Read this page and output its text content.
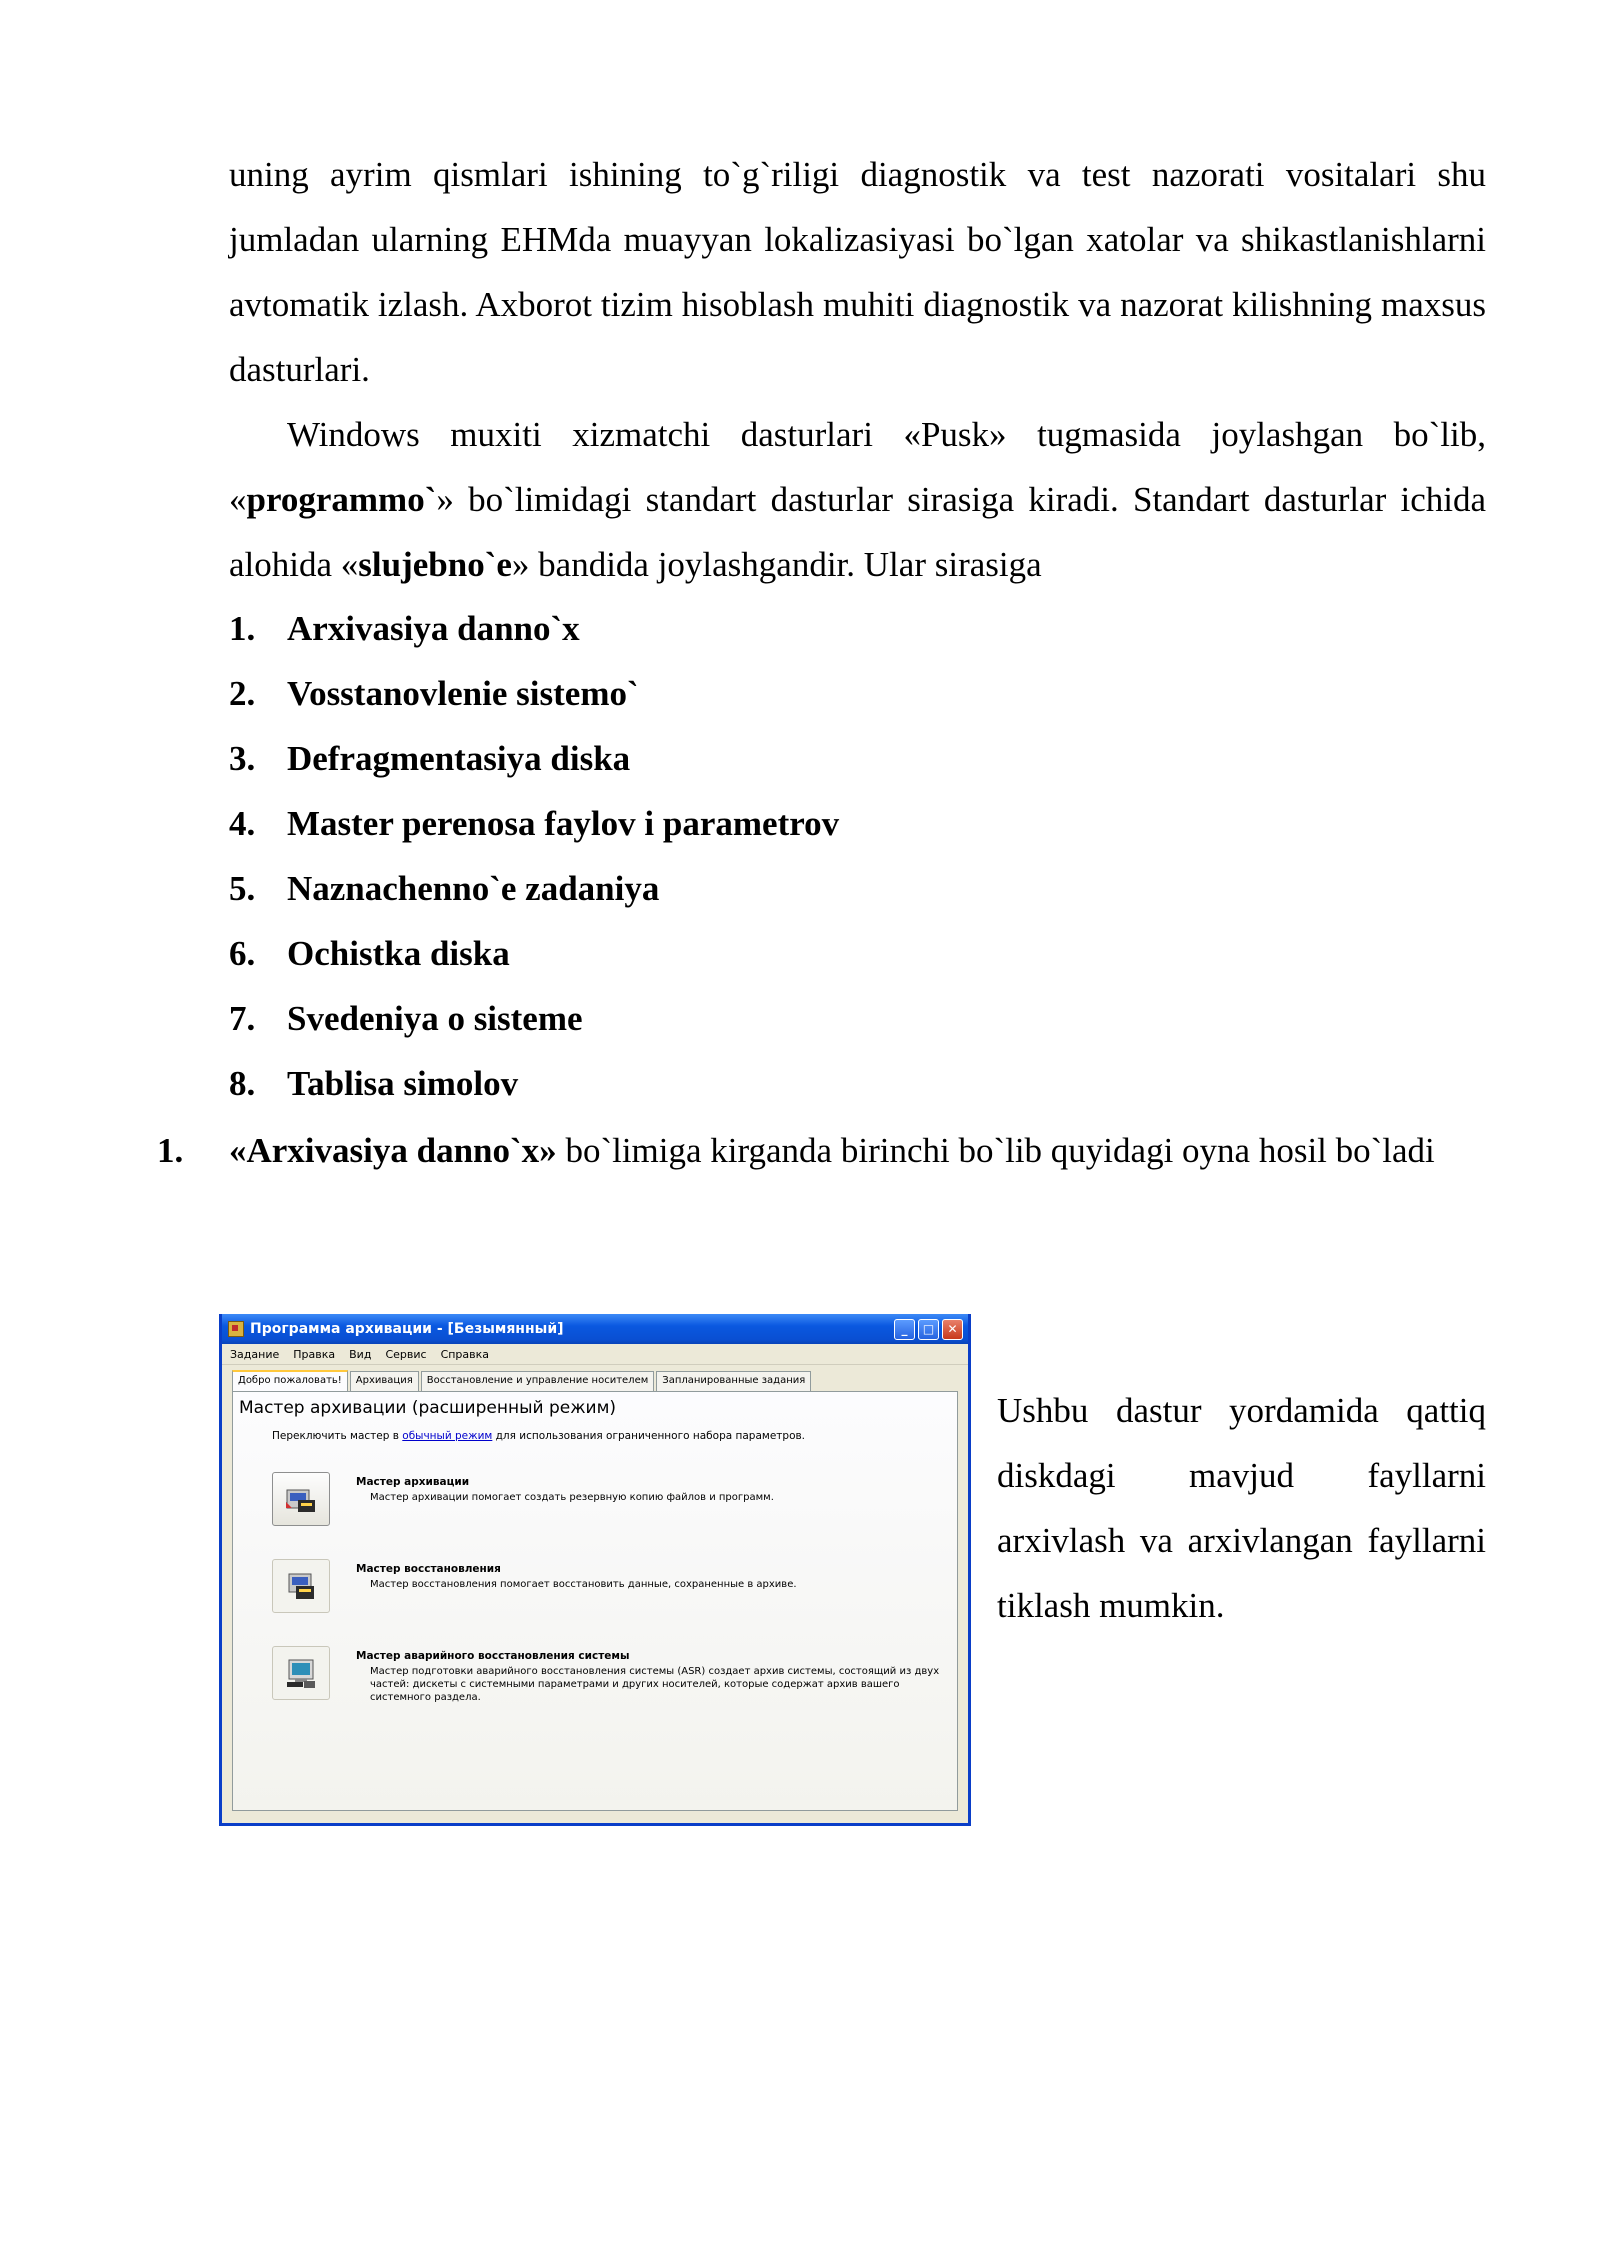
uning ayrim qismlari ishining to`g`riligi diagnostik va test nazorati vositalari shu jumladan ularning EHMda muayyan lokalizasiyasi bo`lgan xatolar va shikastlanishlarni avtomatik izlash. Axborot tizim hisoblash muhiti diagnostik va nazorat kilishning maxsus dasturlari.

Windows muxiti xizmatchi dasturlari «Pusk» tugmasida joylashgan bo`lib, «programmo`» bo`limidagi standart dasturlar sirasiga kiradi. Standart dasturlar ichida alohida «slujebno`e» bandida joylashgandir. Ular sirasiga

1. Arxivasiya danno`x
2. Vosstanovlenie sistemo`
3. Defragmentasiya diska
4. Master perenosa faylov i parametrov
5. Naznachenno`e zadaniya
6. Ochistka diska
7. Svedeniya o sisteme
8. Tablisa simolov
1. «Arxivasiya danno`x» bo`limiga kirganda birinchi bo`lib quyidagi oyna hosil bo`ladi

Программа архивации - [Безымянный]	_	□	✕
Задание Правка Вид Сервис Справка
Добро пожаловать!	Архивация	Восстановление и управление носителем	Запланированные задания
Мастер архивации (расширенный режим)
Переключить мастер в обычный режим для использования ограниченного набора параметров.
Мастер архивации
Мастер архивации помогает создать резервную копию файлов и программ.
Мастер восстановления
Мастер восстановления помогает восстановить данные, сохраненные в архиве.
Мастер аварийного восстановления системы
Мастер подготовки аварийного восстановления системы (ASR) создает архив системы, состоящий из двух частей: дискеты с системными параметрами и других носителей, которые содержат архив вашего системного раздела.

Ushbu dastur yordamida qattiq diskdagi mavjud fayllarni arxivlash va arxivlangan fayllarni tiklash mumkin.
